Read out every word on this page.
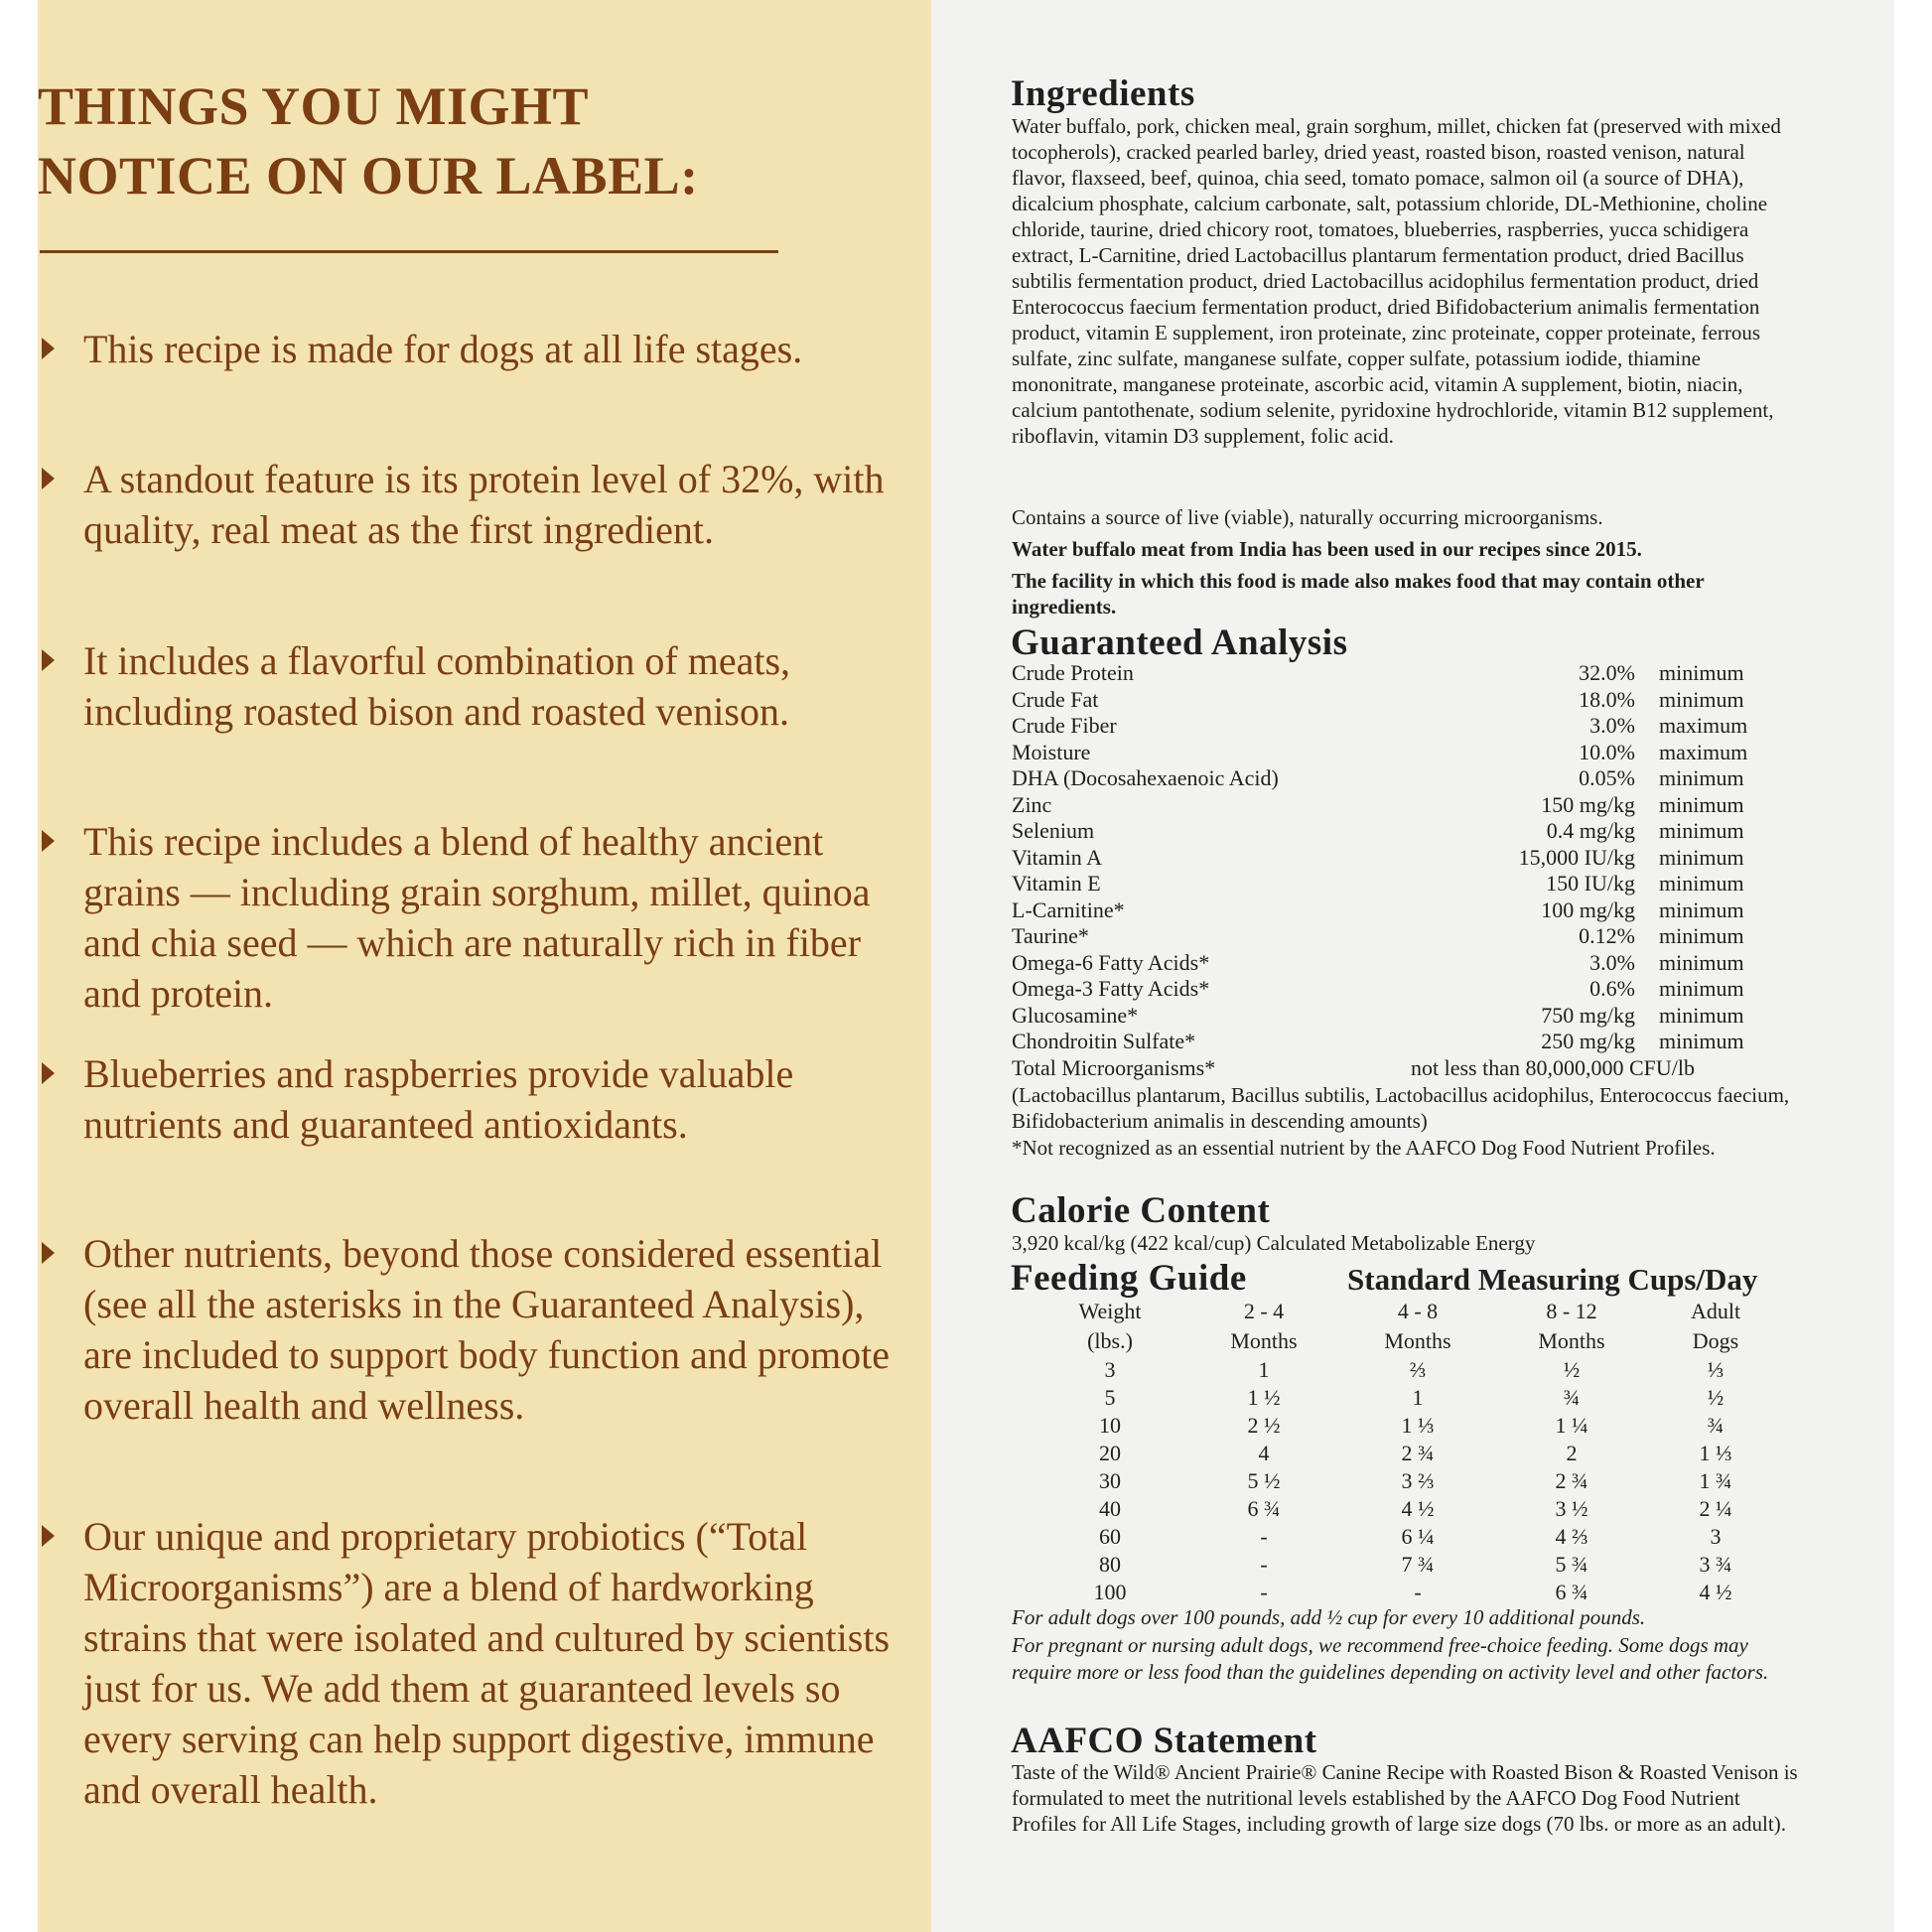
THINGS YOU MIGHT
NOTICE ON OUR LABEL:
This recipe is made for dogs at all life stages.
A standout feature is its protein level of 32%, with quality, real meat as the first ingredient.
It includes a flavorful combination of meats, including roasted bison and roasted venison.
This recipe includes a blend of healthy ancient grains — including grain sorghum, millet, quinoa and chia seed — which are naturally rich in fiber and protein.
Blueberries and raspberries provide valuable nutrients and guaranteed antioxidants.
Other nutrients, beyond those considered essential (see all the asterisks in the Guaranteed Analysis), are included to support body function and promote overall health and wellness.
Our unique and proprietary probiotics (“Total Microorganisms”) are a blend of hardworking strains that were isolated and cultured by scientists just for us. We add them at guaranteed levels so every serving can help support digestive, immune and overall health.
Ingredients
Water buffalo, pork, chicken meal, grain sorghum, millet, chicken fat (preserved with mixed tocopherols), cracked pearled barley, dried yeast, roasted bison, roasted venison, natural flavor, flaxseed, beef, quinoa, chia seed, tomato pomace, salmon oil (a source of DHA), dicalcium phosphate, calcium carbonate, salt, potassium chloride, DL-Methionine, choline chloride, taurine, dried chicory root, tomatoes, blueberries, raspberries, yucca schidigera extract, L-Carnitine, dried Lactobacillus plantarum fermentation product, dried Bacillus subtilis fermentation product, dried Lactobacillus acidophilus fermentation product, dried Enterococcus faecium fermentation product, dried Bifidobacterium animalis fermentation product, vitamin E supplement, iron proteinate, zinc proteinate, copper proteinate, ferrous sulfate, zinc sulfate, manganese sulfate, copper sulfate, potassium iodide, thiamine mononitrate, manganese proteinate, ascorbic acid, vitamin A supplement, biotin, niacin, calcium pantothenate, sodium selenite, pyridoxine hydrochloride, vitamin B12 supplement, riboflavin, vitamin D3 supplement, folic acid.
Contains a source of live (viable), naturally occurring microorganisms.
Water buffalo meat from India has been used in our recipes since 2015.
The facility in which this food is made also makes food that may contain other ingredients.
Guaranteed Analysis
Crude Protein	32.0% minimum
Crude Fat	18.0% minimum
Crude Fiber	3.0% maximum
Moisture	10.0% maximum
DHA (Docosahexaenoic Acid)	0.05% minimum
Zinc	150 mg/kg minimum
Selenium	0.4 mg/kg minimum
Vitamin A	15,000 IU/kg minimum
Vitamin E	150 IU/kg minimum
L-Carnitine*	100 mg/kg minimum
Taurine*	0.12% minimum
Omega-6 Fatty Acids*	3.0% minimum
Omega-3 Fatty Acids*	0.6% minimum
Glucosamine*	750 mg/kg minimum
Chondroitin Sulfate*	250 mg/kg minimum
Total Microorganisms*	not less than 80,000,000 CFU/lb
(Lactobacillus plantarum, Bacillus subtilis, Lactobacillus acidophilus, Enterococcus faecium, Bifidobacterium animalis in descending amounts)
*Not recognized as an essential nutrient by the AAFCO Dog Food Nutrient Profiles.
Calorie Content
3,920 kcal/kg (422 kcal/cup) Calculated Metabolizable Energy
Feeding Guide	Standard Measuring Cups/Day
Weight	2 - 4	4 - 8	8 - 12	Adult
(lbs.)	Months	Months	Months	Dogs
3	1	⅔	½	⅓
5	1 ½	1	¾	½
10	2 ½	1 ⅓	1 ¼	¾
20	4	2 ¾	2	1 ⅓
30	5 ½	3 ⅔	2 ¾	1 ¾
40	6 ¾	4 ½	3 ½	2 ¼
60	-	6 ¼	4 ⅔	3
80	-	7 ¾	5 ¾	3 ¾
100	-	-	6 ¾	4 ½
For adult dogs over 100 pounds, add ½ cup for every 10 additional pounds.
For pregnant or nursing adult dogs, we recommend free-choice feeding. Some dogs may require more or less food than the guidelines depending on activity level and other factors.
AAFCO Statement
Taste of the Wild® Ancient Prairie® Canine Recipe with Roasted Bison & Roasted Venison is formulated to meet the nutritional levels established by the AAFCO Dog Food Nutrient Profiles for All Life Stages, including growth of large size dogs (70 lbs. or more as an adult).
